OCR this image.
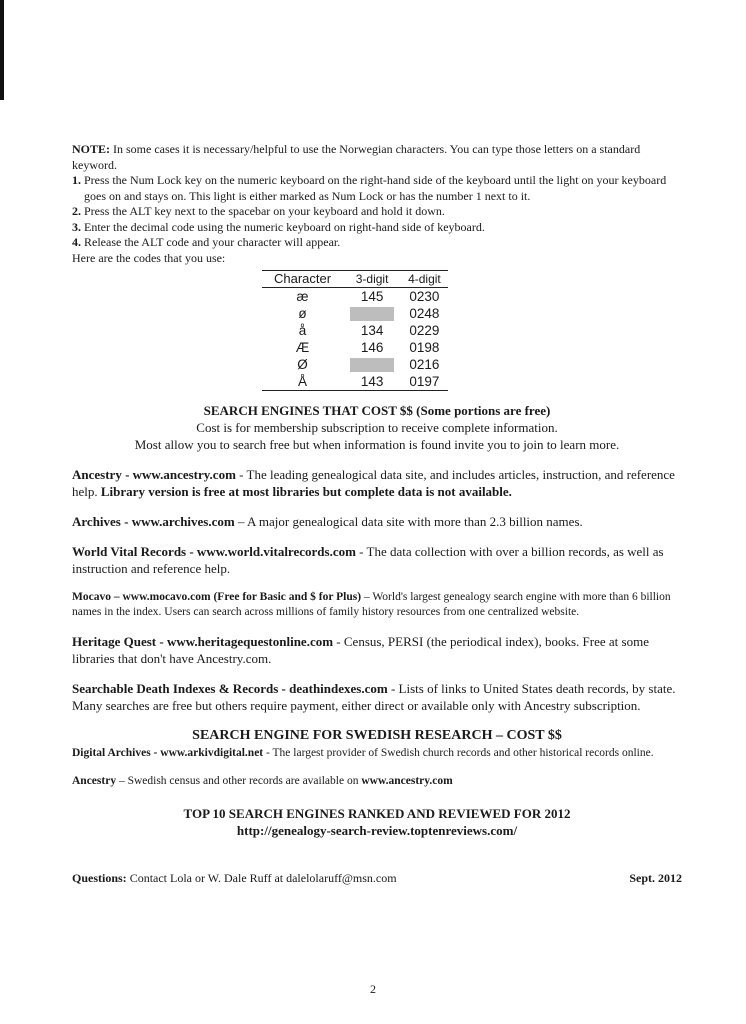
NOTE: In some cases it is necessary/helpful to use the Norwegian characters. You can type those letters on a standard keyword.
1. Press the Num Lock key on the numeric keyboard on the right-hand side of the keyboard until the light on your keyboard goes on and stays on. This light is either marked as Num Lock or has the number 1 next to it.
2. Press the ALT key next to the spacebar on your keyboard and hold it down.
3. Enter the decimal code using the numeric keyboard on right-hand side of keyboard.
4. Release the ALT code and your character will appear.
Here are the codes that you use:
Character	3-digit	4-digit
æ	145	0230
ø		0248
å	134	0229
Æ	146	0198
Ø		0216
Å	143	0197
SEARCH ENGINES THAT COST $$ (Some portions are free)
Cost is for membership subscription to receive complete information.
Most allow you to search free but when information is found invite you to join to learn more.
Ancestry - www.ancestry.com - The leading genealogical data site, and includes articles, instruction, and reference help. Library version is free at most libraries but complete data is not available.
Archives - www.archives.com – A major genealogical data site with more than 2.3 billion names.
World Vital Records - www.world.vitalrecords.com - The data collection with over a billion records, as well as instruction and reference help.
Mocavo – www.mocavo.com (Free for Basic and $ for Plus) – World's largest genealogy search engine with more than 6 billion names in the index. Users can search across millions of family history resources from one centralized website.
Heritage Quest - www.heritagequestonline.com - Census, PERSI (the periodical index), books. Free at some libraries that don't have Ancestry.com.
Searchable Death Indexes & Records - deathindexes.com - Lists of links to United States death records, by state. Many searches are free but others require payment, either direct or available only with Ancestry subscription.
SEARCH ENGINE FOR SWEDISH RESEARCH – COST $$
Digital Archives - www.arkivdigital.net - The largest provider of Swedish church records and other historical records online.
Ancestry – Swedish census and other records are available on www.ancestry.com
TOP 10 SEARCH ENGINES RANKED AND REVIEWED FOR 2012
http://genealogy-search-review.toptenreviews.com/
Questions: Contact Lola or W. Dale Ruff at dalelolaruff@msn.com	Sept. 2012
2
